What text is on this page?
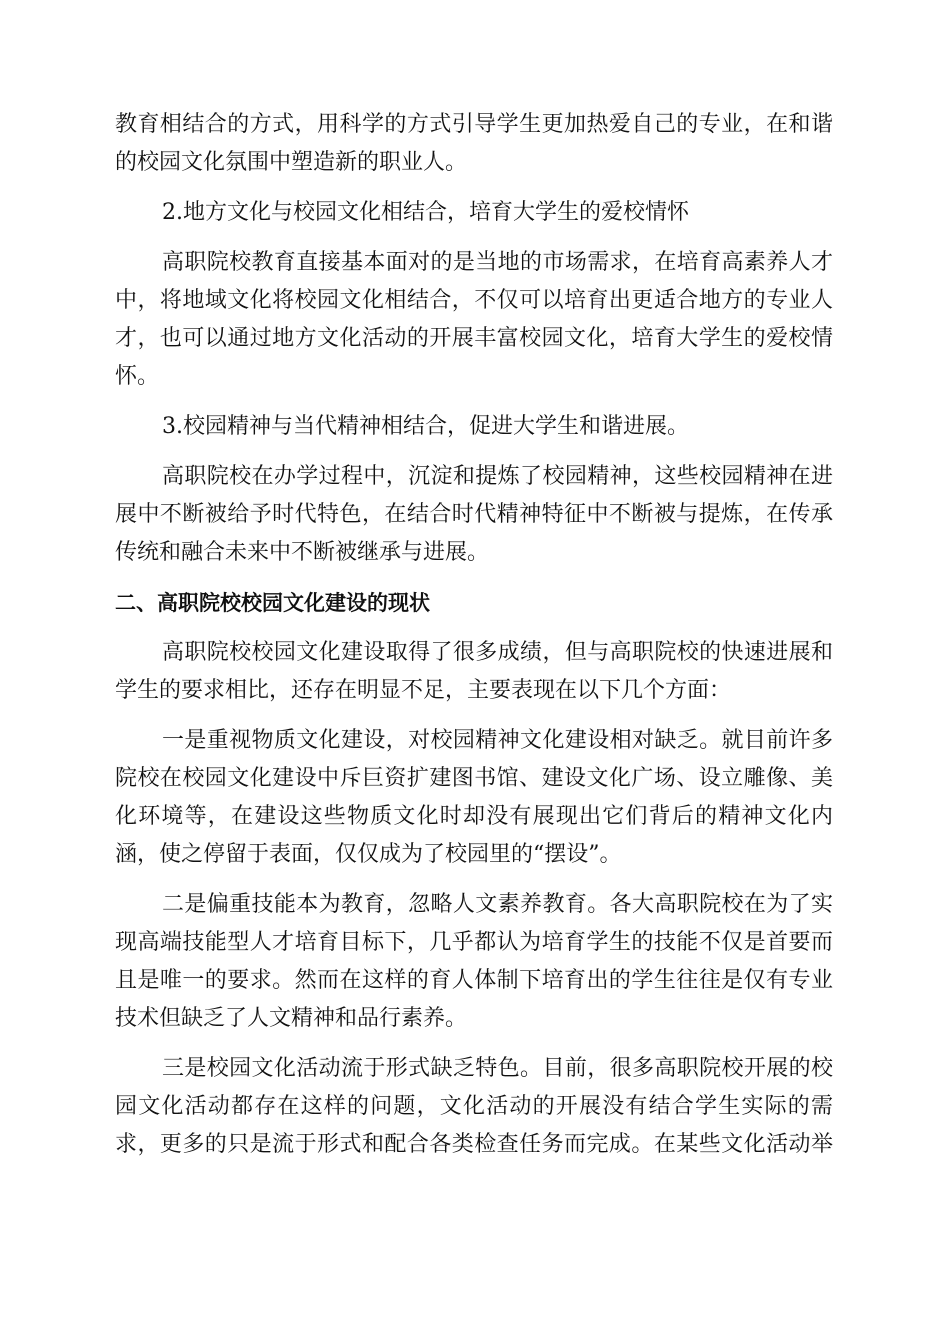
教育相结合的方式，用科学的方式引导学生更加热爱自己的专业，在和谐
的校园文化氛围中塑造新的职业人。
2.地方文化与校园文化相结合，培育大学生的爱校情怀
高职院校教育直接基本面对的是当地的市场需求，在培育高素养人才
中，将地域文化将校园文化相结合，不仅可以培育出更适合地方的专业人
才，也可以通过地方文化活动的开展丰富校园文化，培育大学生的爱校情
怀。
3.校园精神与当代精神相结合，促进大学生和谐进展。
高职院校在办学过程中，沉淀和提炼了校园精神，这些校园精神在进
展中不断被给予时代特色，在结合时代精神特征中不断被与提炼，在传承
传统和融合未来中不断被继承与进展。
二、高职院校校园文化建设的现状
高职院校校园文化建设取得了很多成绩，但与高职院校的快速进展和
学生的要求相比，还存在明显不足，主要表现在以下几个方面：
一是重视物质文化建设，对校园精神文化建设相对缺乏。就目前许多
院校在校园文化建设中斥巨资扩建图书馆、建设文化广场、设立雕像、美
化环境等，在建设这些物质文化时却没有展现出它们背后的精神文化内
涵，使之停留于表面，仅仅成为了校园里的“摆设”。
二是偏重技能本为教育，忽略人文素养教育。各大高职院校在为了实
现高端技能型人才培育目标下，几乎都认为培育学生的技能不仅是首要而
且是唯一的要求。然而在这样的育人体制下培育出的学生往往是仅有专业
技术但缺乏了人文精神和品行素养。
三是校园文化活动流于形式缺乏特色。目前，很多高职院校开展的校
园文化活动都存在这样的问题，文化活动的开展没有结合学生实际的需
求，更多的只是流于形式和配合各类检查任务而完成。在某些文化活动举
